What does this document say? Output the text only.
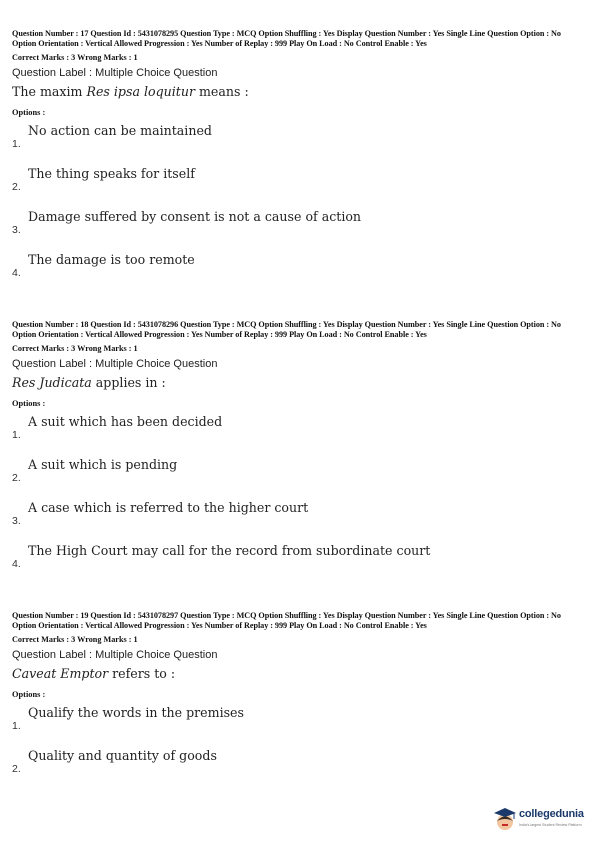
Question Number : 17 Question Id : 5431078295 Question Type : MCQ Option Shuffling : Yes Display Question Number : Yes Single Line Question Option : No Option Orientation : Vertical Allowed Progression : Yes Number of Replay : 999 Play On Load : No Control Enable : Yes
Correct Marks : 3 Wrong Marks : 1
Question Label : Multiple Choice Question
The maxim Res ipsa loquitur means :
Options :
1.
No action can be maintained
2.
The thing speaks for itself
3.
Damage suffered by consent is not a cause of action
4.
The damage is too remote
Question Number : 18 Question Id : 5431078296 Question Type : MCQ Option Shuffling : Yes Display Question Number : Yes Single Line Question Option : No Option Orientation : Vertical Allowed Progression : Yes Number of Replay : 999 Play On Load : No Control Enable : Yes
Correct Marks : 3 Wrong Marks : 1
Question Label : Multiple Choice Question
Res Judicata applies in :
Options :
1.
A suit which has been decided
2.
A suit which is pending
3.
A case which is referred to the higher court
4.
The High Court may call for the record from subordinate court
Question Number : 19 Question Id : 5431078297 Question Type : MCQ Option Shuffling : Yes Display Question Number : Yes Single Line Question Option : No Option Orientation : Vertical Allowed Progression : Yes Number of Replay : 999 Play On Load : No Control Enable : Yes
Correct Marks : 3 Wrong Marks : 1
Question Label : Multiple Choice Question
Caveat Emptor refers to :
Options :
1.
Qualify the words in the premises
2.
Quality and quantity of goods
collegedunia
India's largest Student Review Platform
